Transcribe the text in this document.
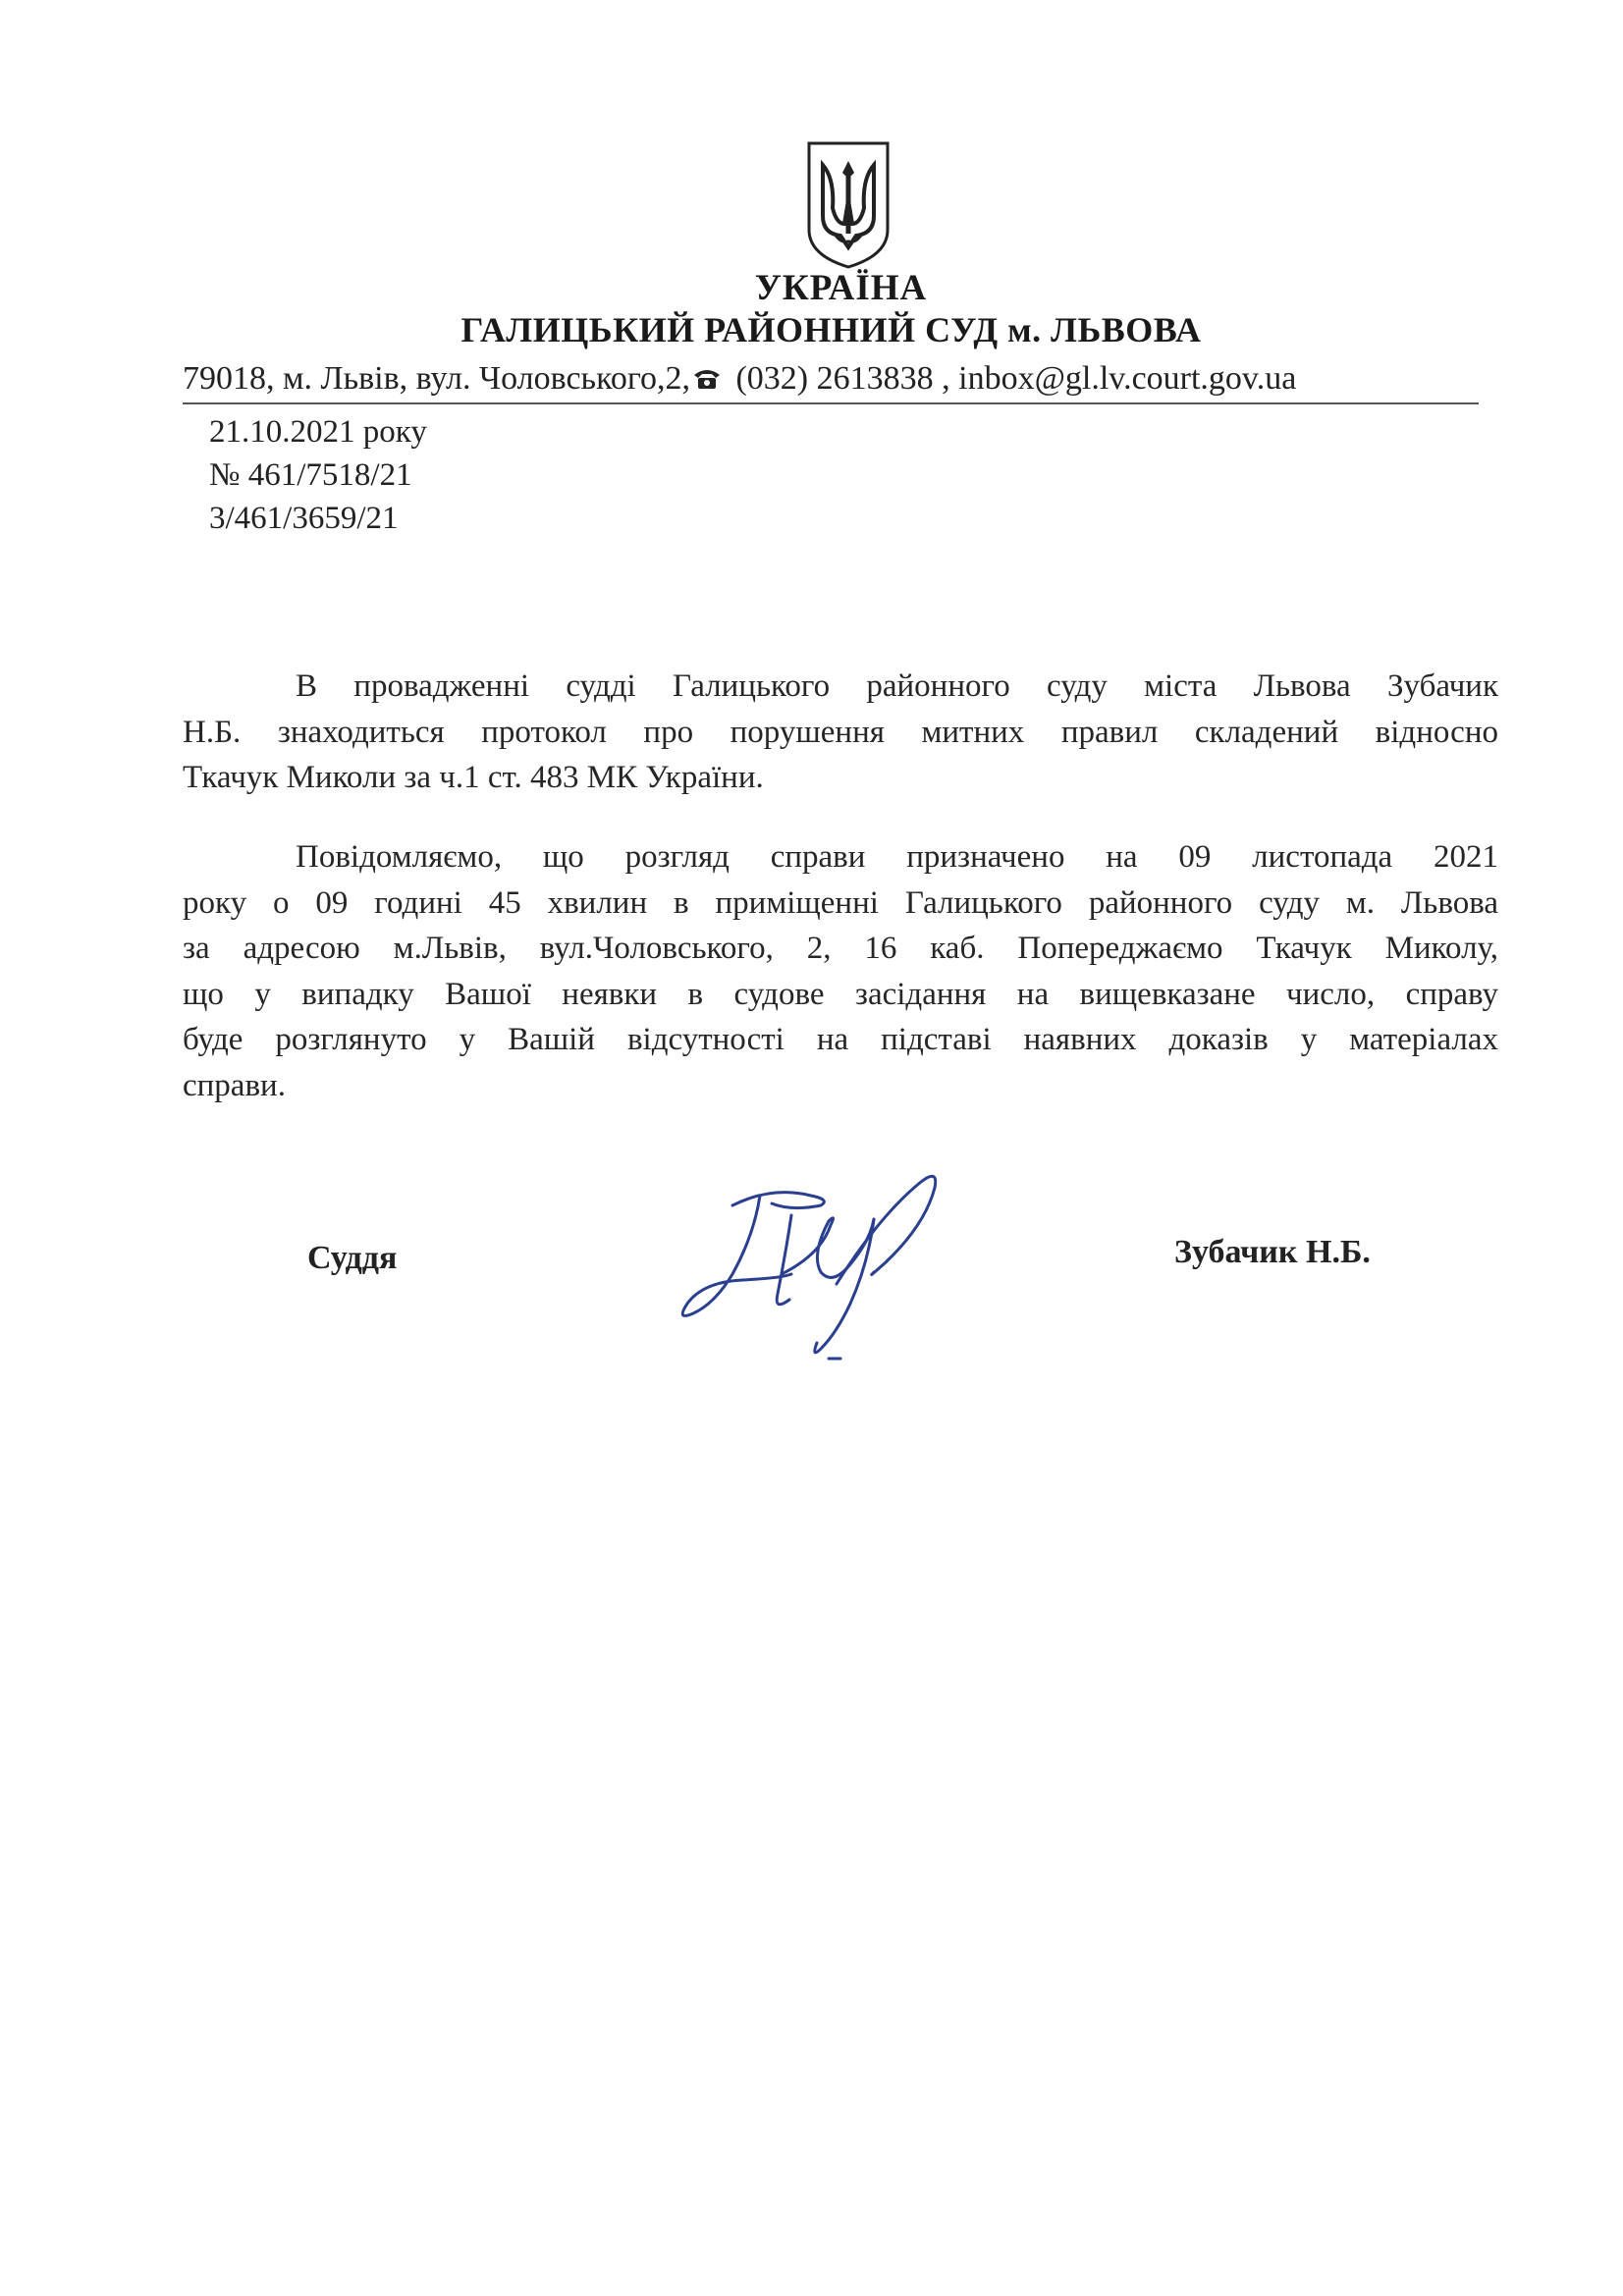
УКРАЇНА
ГАЛИЦЬКИЙ РАЙОННИЙ СУД м. ЛЬВОВА
79018, м. Львів, вул. Чоловського,2, (032) 2613838 , inbox@gl.lv.court.gov.ua
21.10.2021 року
№ 461/7518/21
3/461/3659/21
В провадженні судді Галицького районного суду міста Львова Зубачик
Н.Б. знаходиться протокол про порушення митних правил складений відносно
Ткачук Миколи за ч.1 ст. 483 МК України.
Повідомляємо, що розгляд справи призначено на 09 листопада 2021
року о 09 годині 45 хвилин в приміщенні Галицького районного суду м. Львова
за адресою м.Львів, вул.Чоловського, 2, 16 каб. Попереджаємо Ткачук Миколу,
що у випадку Вашої неявки в судове засідання на вищевказане число, справу
буде розглянуто у Вашій відсутності на підставі наявних доказів у матеріалах
справи.
Суддя	Зубачик Н.Б.
